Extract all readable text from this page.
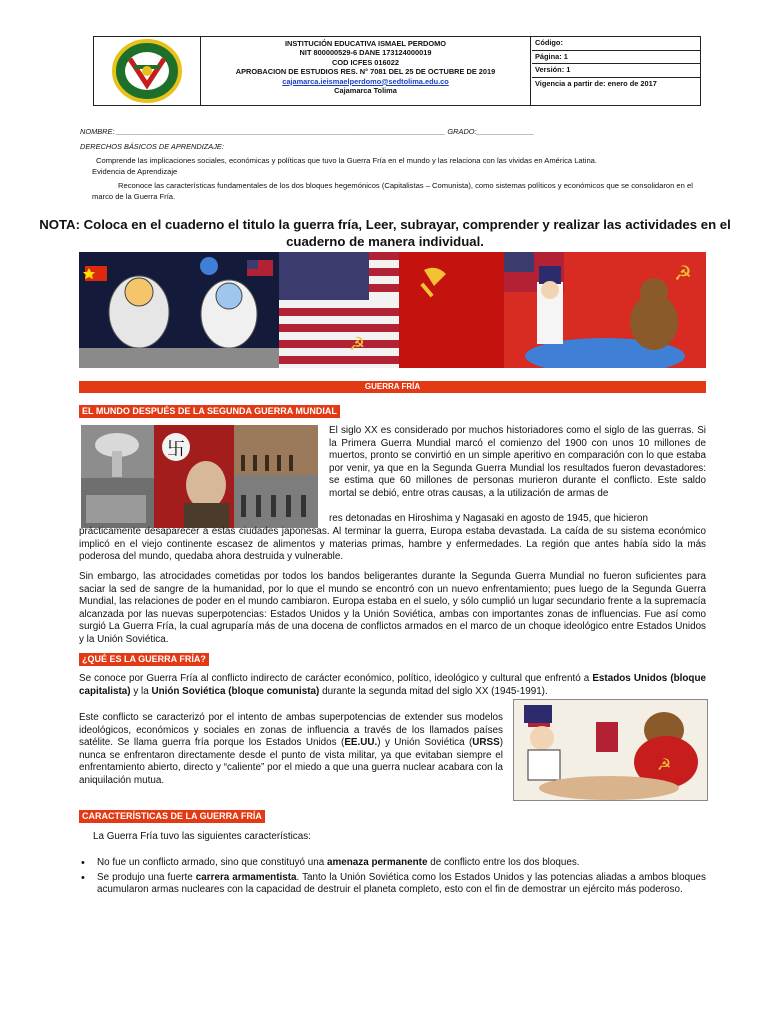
INSTITUCIÓN EDUCATIVA ISMAEL PERDOMO
NIT 800000529-6 DANE 173124000019
COD ICFES 016022
APROBACION DE ESTUDIOS RES. N° 7081 DEL 25 DE OCTUBRE DE 2019
cajamarca.ieismaelperdomo@sedtolima.edu.co
Cajamarca Tolima
Código:
Página: 1
Versión: 1
Vigencia a partir de: enero de 2017
NOMBRE: ________________________________________________________________________________ GRADO:______________
DERECHOS BÁSICOS DE APRENDIZAJE:
Comprende las implicaciones sociales, económicas y políticas que tuvo la Guerra Fría en el mundo y las relaciona con las vividas en América Latina.
Evidencia de Aprendizaje
Reconoce las características fundamentales de los dos bloques hegemónicos (Capitalistas – Comunista), como sistemas políticos y económicos que se consolidaron en el marco de la Guerra Fría.
NOTA: Coloca en el cuaderno el titulo la guerra fría, Leer, subrayar, comprender y realizar las actividades en el cuaderno de manera individual.
☭
☭
GUERRA FRÍA
EL MUNDO DESPUÉS DE LA SEGUNDA GUERRA MUNDIAL
卐
El siglo XX es considerado por muchos historiadores como el siglo de las guerras. Si la Primera Guerra Mundial marcó el comienzo del 1900 con unos 10 millones de muertos, pronto se convirtió en un simple aperitivo en comparación con lo que estaba por venir, ya que en la Segunda Guerra Mundial los resultados fueron devastadores: se estima que 60 millones de personas murieron durante el conflicto. Este saldo mortal se debió, entre otras causas, a la utilización de armas de
res detonadas en Hiroshima y Nagasaki en agosto de 1945, que hicieron
prácticamente desaparecer a estas ciudades japonesas. Al terminar la guerra, Europa estaba devastada. La caída de su sistema económico implicó en el viejo continente escasez de alimentos y materias primas, hambre y enfermedades. La región que antes había sido la más poderosa del mundo, quedaba ahora destruida y vulnerable.
Sin embargo, las atrocidades cometidas por todos los bandos beligerantes durante la Segunda Guerra Mundial no fueron suficientes para saciar la sed de sangre de la humanidad, por lo que el mundo se encontró con un nuevo enfrentamiento; pues luego de la Segunda Guerra Mundial, las relaciones de poder en el mundo cambiaron. Europa estaba en el suelo, y sólo cumplió un lugar secundario frente a la supremacía alcanzada por las nuevas superpotencias: Estados Unidos y la Unión Soviética, ambas con importantes zonas de influencias. Fue así como surgió La Guerra Fría, la cual agruparía más de una docena de conflictos armados en el marco de un choque ideológico entre Estados Unidos y la Unión Soviética.
¿QUÉ ES LA GUERRA FRÍA?
Se conoce por Guerra Fría al conflicto indirecto de carácter económico, político, ideológico y cultural que enfrentó a Estados Unidos (bloque capitalista) y la Unión Soviética (bloque comunista) durante la segunda mitad del siglo XX (1945-1991).
Este conflicto se caracterizó por el intento de ambas superpotencias de extender sus modelos ideológicos, económicos y sociales en zonas de influencia a través de los llamados países satélite. Se llama guerra fría porque los Estados Unidos (EE.UU.) y Unión Soviética (URSS) nunca se enfrentaron directamente desde el punto de vista militar, ya que evitaban siempre el enfrentamiento abierto, directo y “caliente” por el miedo a que una guerra nuclear acabara con la aniquilación mutua.
☭
CARACTERÍSTICAS DE LA GUERRA FRÍA
La Guerra Fría tuvo las siguientes características:
• No fue un conflicto armado, sino que constituyó una amenaza permanente de conflicto entre los dos bloques.
• Se produjo una fuerte carrera armamentista. Tanto la Unión Soviética como los Estados Unidos y las potencias aliadas a ambos bloques acumularon armas nucleares con la capacidad de destruir el planeta completo, esto con el fin de demostrar un ejército más poderoso.
